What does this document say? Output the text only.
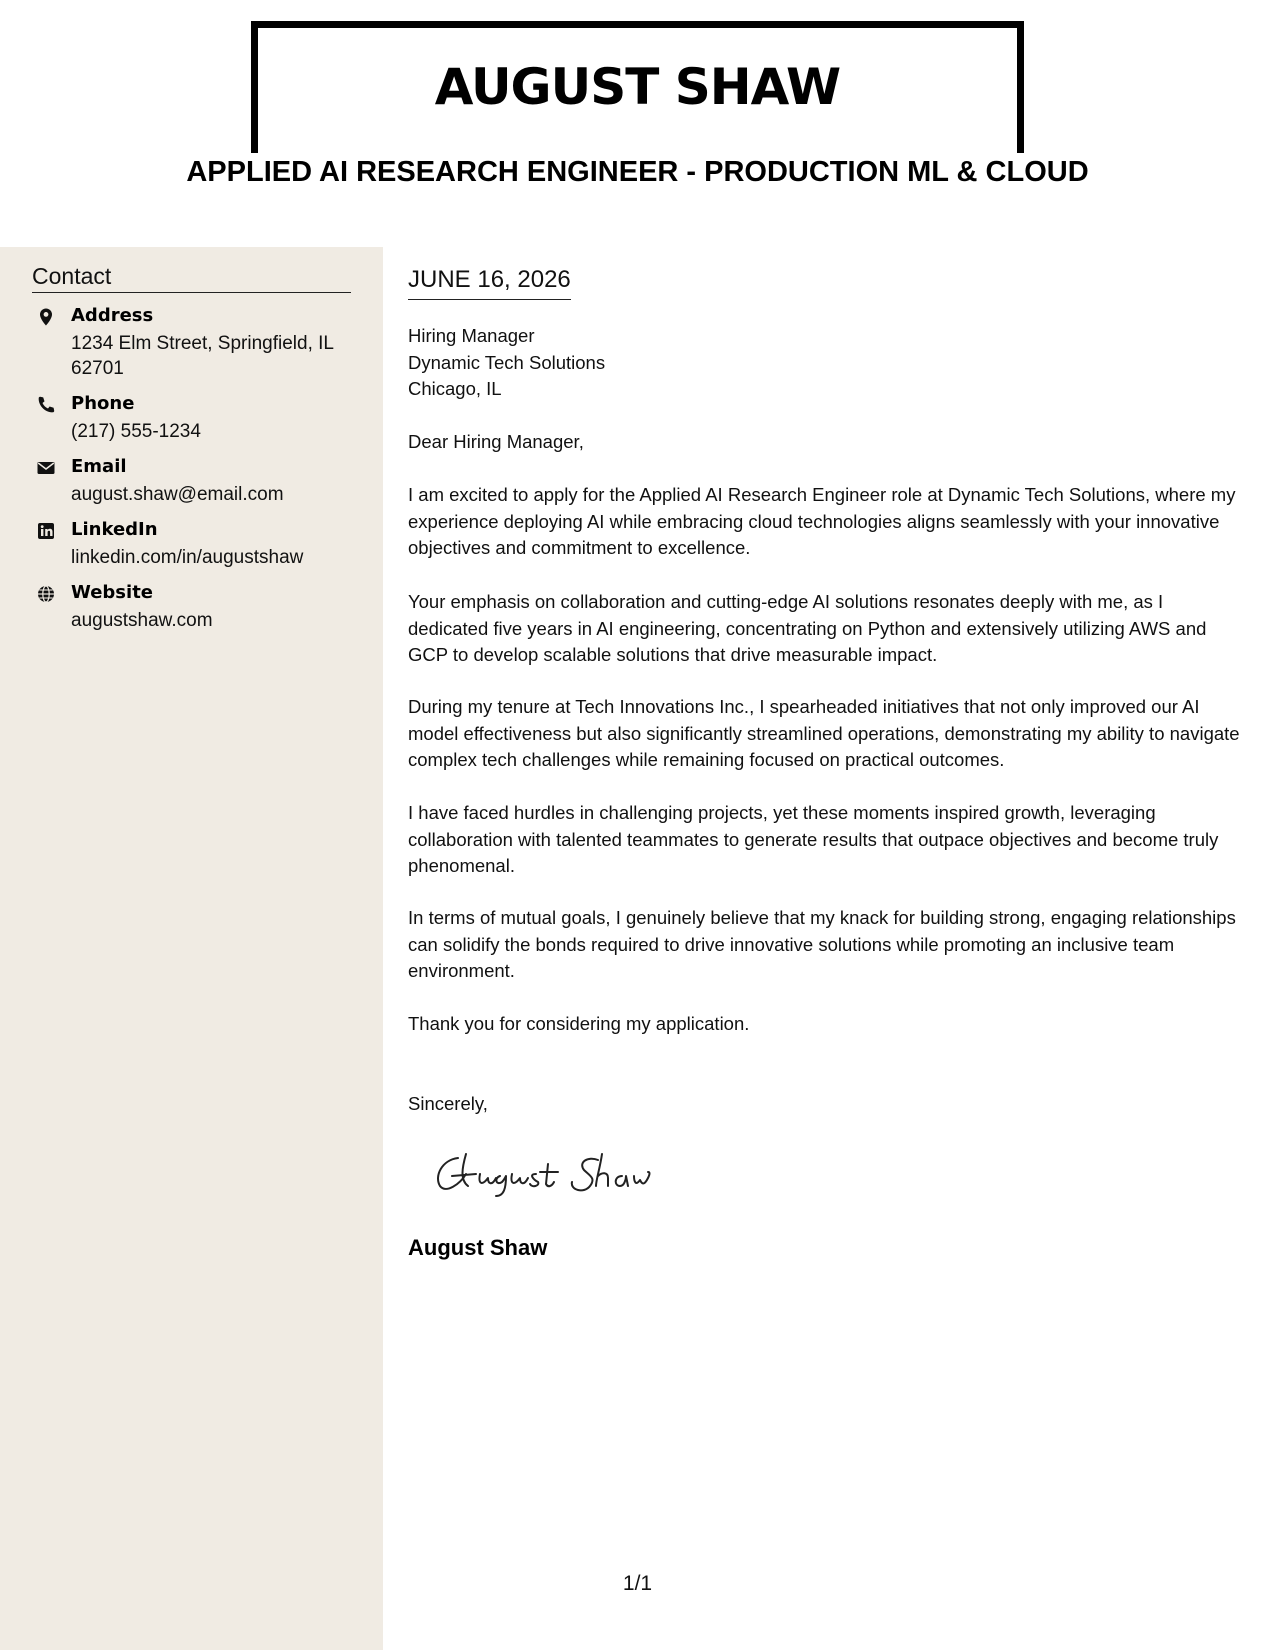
AUGUST SHAW
APPLIED AI RESEARCH ENGINEER - PRODUCTION ML & CLOUD
Contact
Address
1234 Elm Street, Springfield, IL 62701
Phone
(217) 555-1234
Email
august.shaw@email.com
LinkedIn
linkedin.com/in/augustshaw
Website
augustshaw.com
JUNE 16, 2026
Hiring Manager
Dynamic Tech Solutions
Chicago, IL
Dear Hiring Manager,

I am excited to apply for the Applied AI Research Engineer role at Dynamic Tech Solutions, where my experience deploying AI while embracing cloud technologies aligns seamlessly with your innovative objectives and commitment to excellence.

Your emphasis on collaboration and cutting-edge AI solutions resonates deeply with me, as I dedicated five years in AI engineering, concentrating on Python and extensively utilizing AWS and GCP to develop scalable solutions that drive measurable impact.

During my tenure at Tech Innovations Inc., I spearheaded initiatives that not only improved our AI model effectiveness but also significantly streamlined operations, demonstrating my ability to navigate complex tech challenges while remaining focused on practical outcomes.

I have faced hurdles in challenging projects, yet these moments inspired growth, leveraging collaboration with talented teammates to generate results that outpace objectives and become truly phenomenal.

In terms of mutual goals, I genuinely believe that my knack for building strong, engaging relationships can solidify the bonds required to drive innovative solutions while promoting an inclusive team environment.

Thank you for considering my application.

Sincerely,
August Shaw
1/1
